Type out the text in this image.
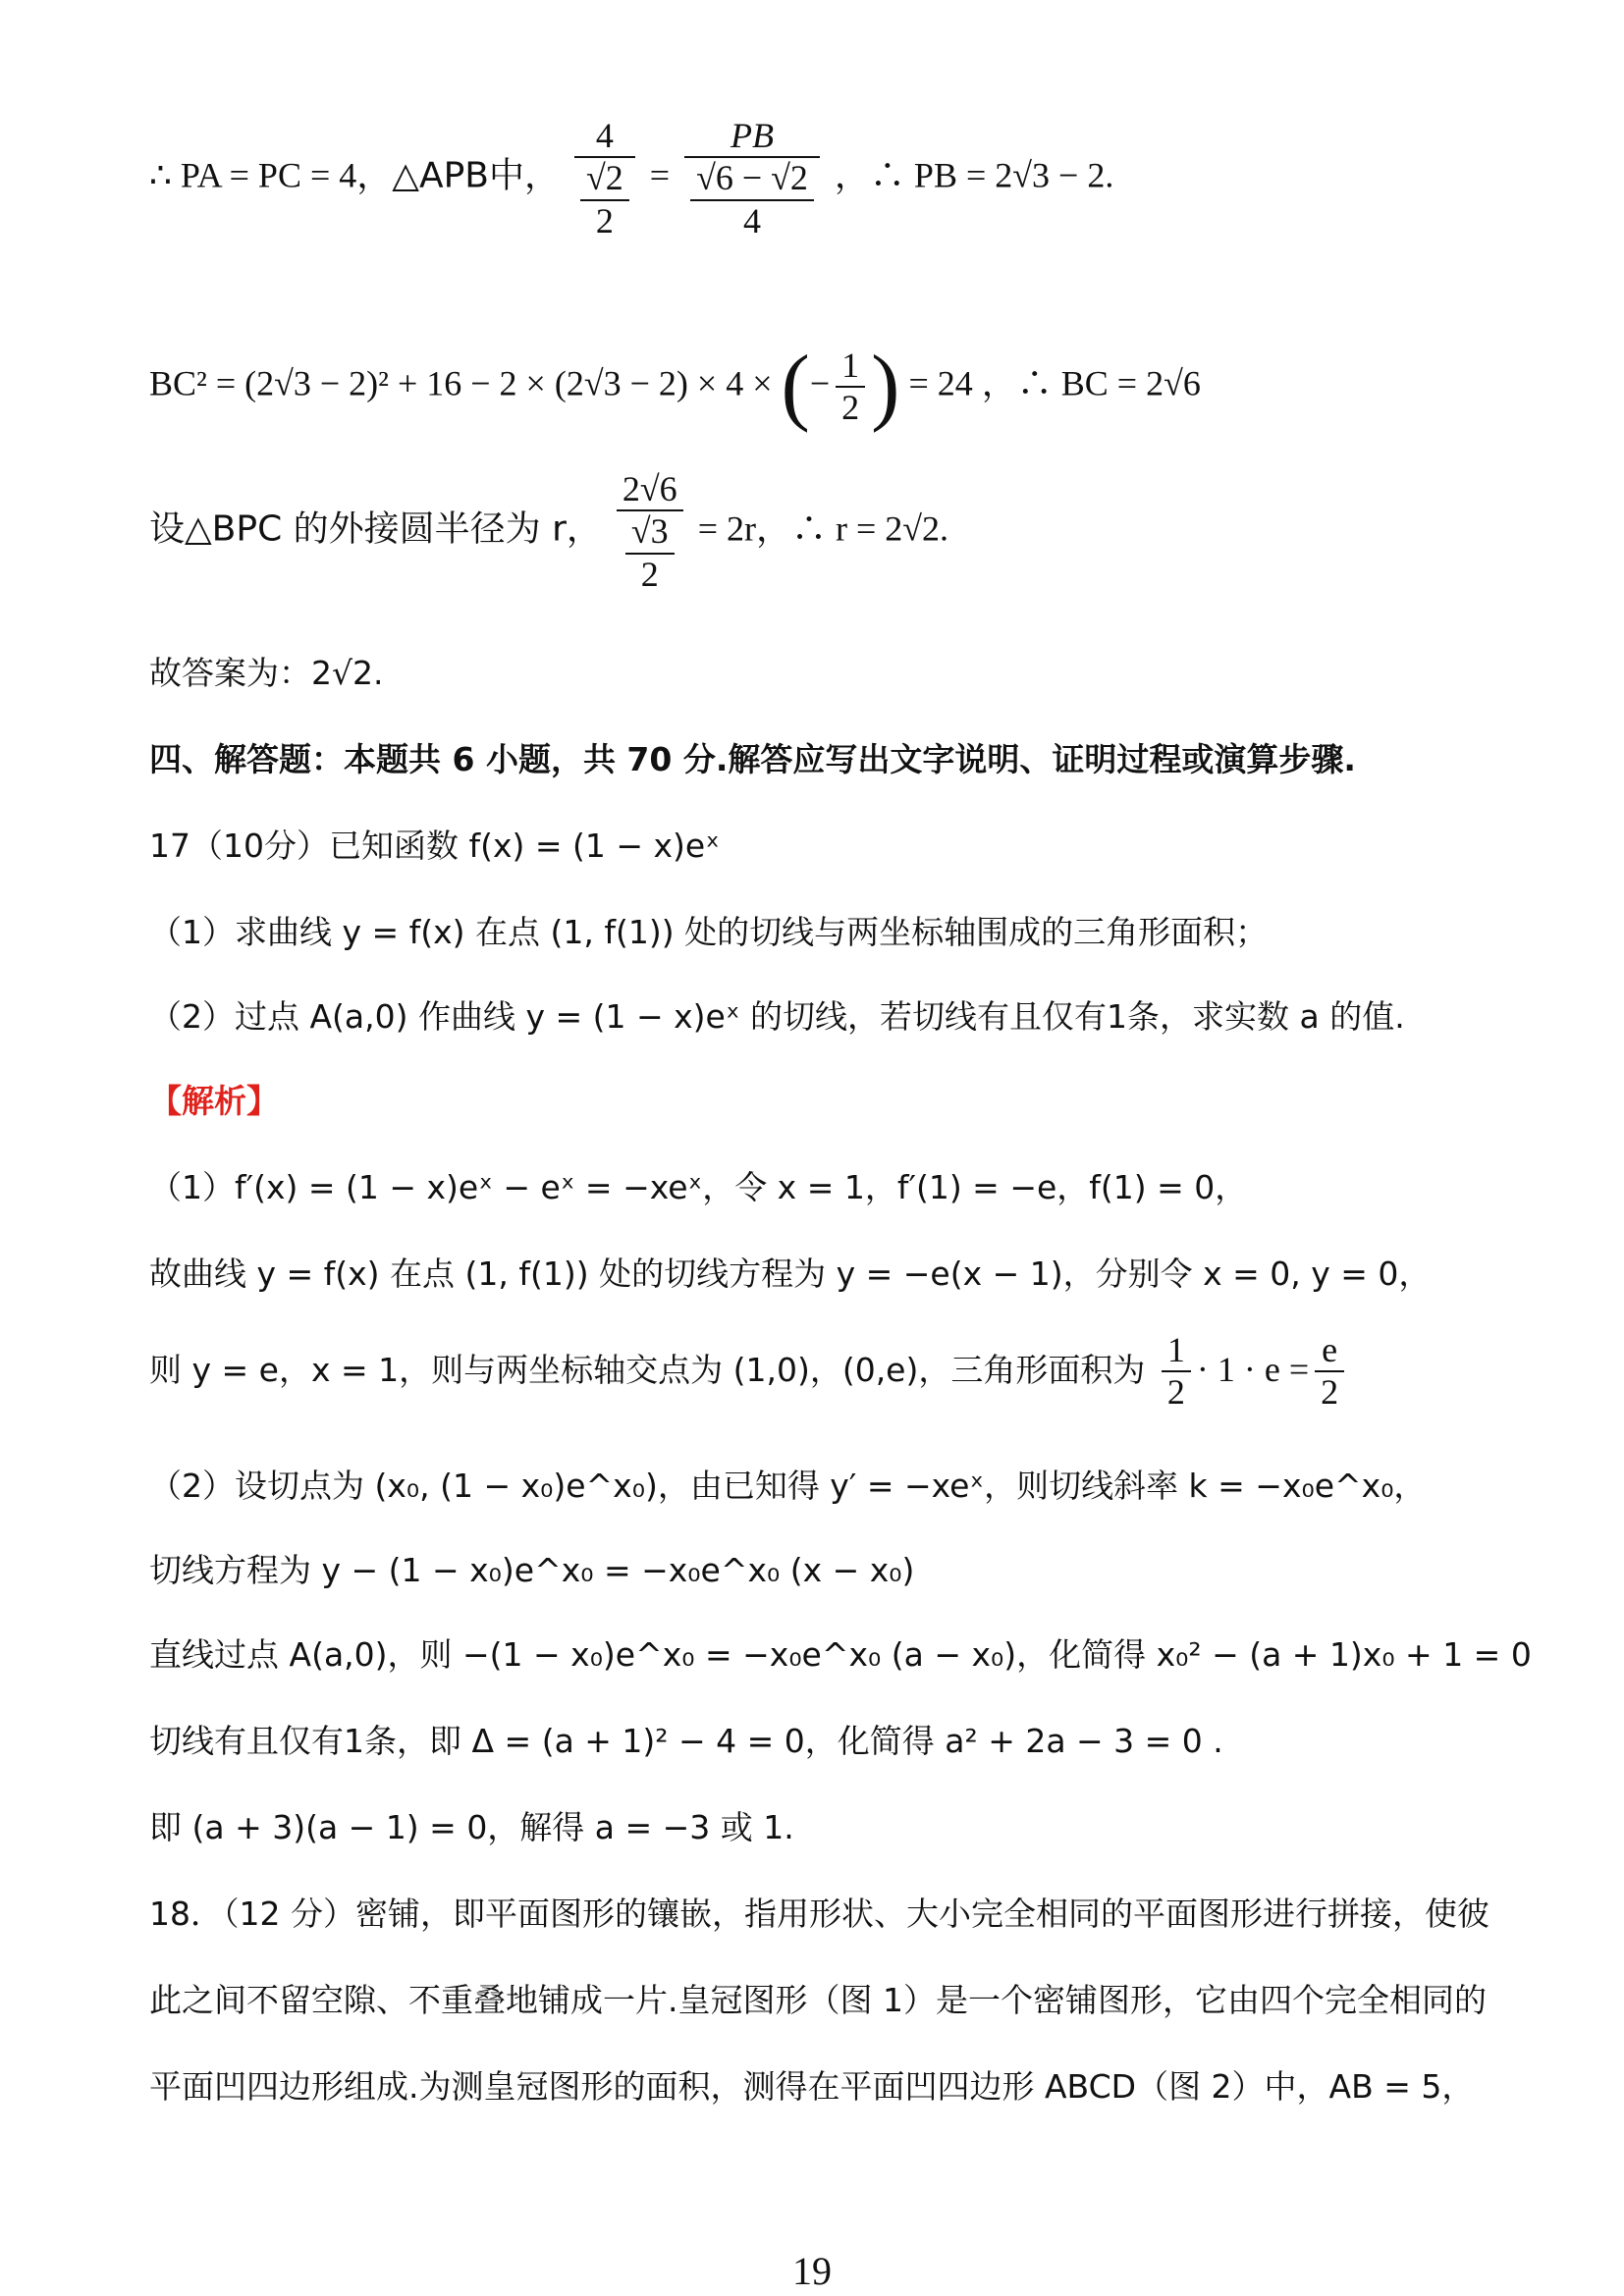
∴ PA = PC = 4，△APB中， $\frac{4}{\frac{√2}{2}} = \frac{PB}{\frac{√6 - √2}{4}}$ ，∴ PB = 2√3 − 2.
BC² = (2√3 − 2)² + 16 − 2 × (2√3 − 2) × 4 × (− $\frac{1}{2}$ ) = 24 ，∴ BC = 2√6
设△BPC 的外接圆半径为 r， $\frac{2√6}{\frac{√3}{2}} = 2r$，∴ r = 2√2.
故答案为：2√2.
四、解答题：本题共 6 小题，共 70 分.解答应写出文字说明、证明过程或演算步骤.
17（10分）已知函数 f(x) = (1 − x)eˣ
（1）求曲线 y = f(x) 在点 (1, f(1)) 处的切线与两坐标轴围成的三角形面积；
（2）过点 A(a,0) 作曲线 y = (1 − x)eˣ 的切线，若切线有且仅有1条，求实数 a 的值.
【解析】
（1）f′(x) = (1 − x)eˣ − eˣ = −xeˣ，令 x = 1，f′(1) = −e，f(1) = 0，
故曲线 y = f(x) 在点 (1, f(1)) 处的切线方程为 y = −e(x − 1)，分别令 x = 0, y = 0，
则 y = e，x = 1，则与两坐标轴交点为 (1,0)，(0,e)，三角形面积为 $\frac{1}{2} \cdot 1 \cdot e = \frac{e}{2}$
（2）设切点为 (x₀, (1 − x₀)e^x₀)，由已知得 y′ = −xeˣ，则切线斜率 k = −x₀e^x₀，
切线方程为 y − (1 − x₀)e^x₀ = −x₀e^x₀ (x − x₀)
直线过点 A(a,0)，则 −(1 − x₀)e^x₀ = −x₀e^x₀ (a − x₀)，化简得 x₀² − (a + 1)x₀ + 1 = 0
切线有且仅有1条，即 Δ = (a + 1)² − 4 = 0，化简得 a² + 2a − 3 = 0 .
即 (a + 3)(a − 1) = 0，解得 a = −3 或 1.
18．（12 分）密铺，即平面图形的镶嵌，指用形状、大小完全相同的平面图形进行拼接，使彼
此之间不留空隙、不重叠地铺成一片.皇冠图形（图 1）是一个密铺图形，它由四个完全相同的
平面凹四边形组成.为测皇冠图形的面积，测得在平面凹四边形 ABCD（图 2）中，AB = 5，
19
